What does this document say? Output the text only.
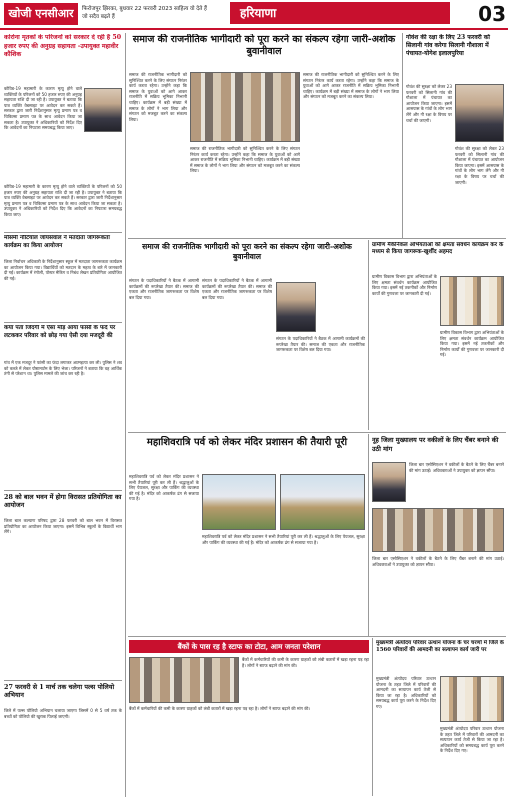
खोजी एनसीआर	फिरोजपुर झिरका, बुधवार 22 फरवरी 2023 साहित्य वो देते हैं जो सदैव बढ़ते हैं	हरियाणा	03
कोरोना मृतकों के परिजनों को सरकार दे रही है 50 हजार रुपए की अनुग्रह सहायता -उपायुक्त महावीर कौशिक
कोविड-19 महामारी के कारण मृत्यु होने वाले व्यक्तियों के परिजनों को 50 हजार रुपए की अनुग्रह सहायता राशि दी जा रही है। उपायुक्त ने बताया कि पात्र व्यक्ति वेबसाइट पर आवेदन कर सकते हैं। सरकार द्वारा जारी निर्देशानुसार मृत्यु प्रमाण पत्र व चिकित्सा प्रमाण पत्र के साथ आवेदन किया जा सकता है। उपायुक्त ने अधिकारियों को निर्देश दिए कि आवेदनों का निपटारा समयबद्ध किया जाए।
कोविड-19 महामारी के कारण मृत्यु होने वाले व्यक्तियों के परिजनों को 50 हजार रुपए की अनुग्रह सहायता राशि दी जा रही है। उपायुक्त ने बताया कि पात्र व्यक्ति वेबसाइट पर आवेदन कर सकते हैं। सरकार द्वारा जारी निर्देशानुसार मृत्यु प्रमाण पत्र व चिकित्सा प्रमाण पत्र के साथ आवेदन किया जा सकता है। उपायुक्त ने अधिकारियों को निर्देश दिए कि आवेदनों का निपटारा समयबद्ध किया जाए।
मौसमी नौटियाल जायसवाल ने मतदाता जागरूकता कार्यक्रम का किया आयोजन
जिला निर्वाचन अधिकारी के निर्देशानुसार स्कूल में मतदाता जागरूकता कार्यक्रम का आयोजन किया गया। विद्यार्थियों को मतदान के महत्व के बारे में जानकारी दी गई। कार्यक्रम में रंगोली, पोस्टर मेकिंग व निबंध लेखन प्रतियोगिता आयोजित की गई।
कया पता जिंदगी में ऐसा मोड़ आया फांसी के फंदे पर लटककर परिवार को छोड़ गया ऐसी दया मजदूरी की
गांव में एक मजदूर ने फांसी का फंदा लगाकर आत्महत्या कर ली। पुलिस ने शव को कब्जे में लेकर पोस्टमार्टम के लिए भेजा। परिजनों ने बताया कि वह आर्थिक तंगी से परेशान था। पुलिस मामले की जांच कर रही है।
28 को बाल भवन में होगा विरासत प्रतियोगिता का आयोजन
जिला बाल कल्याण परिषद द्वारा 28 फरवरी को बाल भवन में विरासत प्रतियोगिता का आयोजन किया जाएगा। इसमें विभिन्न स्कूलों के विद्यार्थी भाग लेंगे।
27 फरवरी से 1 मार्च तक चलेगा पल्स पोलियो अभियान
जिले में पल्स पोलियो अभियान चलाया जाएगा जिसमें 0 से 5 वर्ष तक के बच्चों को पोलियो की खुराक पिलाई जाएगी।
समाज की राजनीतिक भागीदारी को पूरा करने का संकल्प रहेगा जारी-अशोक बुवानीवाल
समाज की राजनीतिक भागीदारी को सुनिश्चित करने के लिए संगठन निरंतर कार्य करता रहेगा। उन्होंने कहा कि समाज के युवाओं को आगे आकर राजनीति में सक्रिय भूमिका निभानी चाहिए। कार्यक्रम में बड़ी संख्या में समाज के लोगों ने भाग लिया और संगठन को मजबूत करने का संकल्प लिया।
समाज की राजनीतिक भागीदारी को सुनिश्चित करने के लिए संगठन निरंतर कार्य करता रहेगा। उन्होंने कहा कि समाज के युवाओं को आगे आकर राजनीति में सक्रिय भूमिका निभानी चाहिए। कार्यक्रम में बड़ी संख्या में समाज के लोगों ने भाग लिया और संगठन को मजबूत करने का संकल्प लिया।
समाज की राजनीतिक भागीदारी को सुनिश्चित करने के लिए संगठन निरंतर कार्य करता रहेगा। उन्होंने कहा कि समाज के युवाओं को आगे आकर राजनीति में सक्रिय भूमिका निभानी चाहिए। कार्यक्रम में बड़ी संख्या में समाज के लोगों ने भाग लिया और संगठन को मजबूत करने का संकल्प लिया।
गोवंश की रक्षा के लिए 23 फरवरी को सिलानी गांव करेगा सिलानी गौशाला में पंचायत-योगेश इलालपुरिया
गोवंश की सुरक्षा को लेकर 23 फरवरी को सिलानी गांव की गौशाला में पंचायत का आयोजन किया जाएगा। इसमें आसपास के गांवों के लोग भाग लेंगे और गौ रक्षा के विषय पर चर्चा की जाएगी।
गोवंश की सुरक्षा को लेकर 23 फरवरी को सिलानी गांव की गौशाला में पंचायत का आयोजन किया जाएगा। इसमें आसपास के गांवों के लोग भाग लेंगे और गौ रक्षा के विषय पर चर्चा की जाएगी।
समाज की राजनीतिक भागीदारी को पूरा करने का संकल्प रहेगा जारी-अशोक बुवानीवाल
संगठन के पदाधिकारियों ने बैठक में आगामी कार्यक्रमों की रूपरेखा तैयार की। समाज की एकता और राजनीतिक जागरूकता पर विशेष बल दिया गया।
संगठन के पदाधिकारियों ने बैठक में आगामी कार्यक्रमों की रूपरेखा तैयार की। समाज की एकता और राजनीतिक जागरूकता पर विशेष बल दिया गया।
संगठन के पदाधिकारियों ने बैठक में आगामी कार्यक्रमों की रूपरेखा तैयार की। समाज की एकता और राजनीतिक जागरूकता पर विशेष बल दिया गया।
ग्रामीण मैकेनिकल अभियंताओं को क्षमता संवर्धन कार्यक्रम कर के मध्यम से किया जागरूक-खुर्शीद अहमद
ग्रामीण विकास विभाग द्वारा अभियंताओं के लिए क्षमता संवर्धन कार्यक्रम आयोजित किया गया। इसमें नई तकनीकों और निर्माण कार्यों की गुणवत्ता पर जानकारी दी गई।
ग्रामीण विकास विभाग द्वारा अभियंताओं के लिए क्षमता संवर्धन कार्यक्रम आयोजित किया गया। इसमें नई तकनीकों और निर्माण कार्यों की गुणवत्ता पर जानकारी दी गई।
महाशिवरात्रि पर्व को लेकर मंदिर प्रशासन की तैयारी पूरी
महाशिवरात्रि पर्व को लेकर मंदिर प्रशासन ने सभी तैयारियां पूरी कर ली हैं। श्रद्धालुओं के लिए पेयजल, सुरक्षा और पार्किंग की व्यवस्था की गई है। मंदिर को आकर्षक ढंग से सजाया गया है।
महाशिवरात्रि पर्व को लेकर मंदिर प्रशासन ने सभी तैयारियां पूरी कर ली हैं। श्रद्धालुओं के लिए पेयजल, सुरक्षा और पार्किंग की व्यवस्था की गई है। मंदिर को आकर्षक ढंग से सजाया गया है।
नूह जिला मुख्यालय पर वकीलों के लिए चैंबर बनाने की उठी मांग
जिला बार एसोसिएशन ने वकीलों के बैठने के लिए चैंबर बनाने की मांग उठाई। अधिवक्ताओं ने उपायुक्त को ज्ञापन सौंपा।
जिला बार एसोसिएशन ने वकीलों के बैठने के लिए चैंबर बनाने की मांग उठाई। अधिवक्ताओं ने उपायुक्त को ज्ञापन सौंपा।
बैंकों के पास रह है स्टाफ का टोटा, आम जनता परेशान
बैंकों में कर्मचारियों की कमी के कारण ग्राहकों को लंबी कतारों में खड़ा रहना पड़ रहा है। लोगों ने स्टाफ बढ़ाने की मांग की।
बैंकों में कर्मचारियों की कमी के कारण ग्राहकों को लंबी कतारों में खड़ा रहना पड़ रहा है। लोगों ने स्टाफ बढ़ाने की मांग की।
मुख्यमंत्री अंत्योदय परिवार उत्थान योजना के चर चरणों में जिले के 1560 परिवारों की आमदनी का सत्यापन कार्य जारी पर
मुख्यमंत्री अंत्योदय परिवार उत्थान योजना के तहत जिले में परिवारों की आमदनी का सत्यापन कार्य तेजी से किया जा रहा है। अधिकारियों को समयबद्ध कार्य पूरा करने के निर्देश दिए गए।
मुख्यमंत्री अंत्योदय परिवार उत्थान योजना के तहत जिले में परिवारों की आमदनी का सत्यापन कार्य तेजी से किया जा रहा है। अधिकारियों को समयबद्ध कार्य पूरा करने के निर्देश दिए गए।
